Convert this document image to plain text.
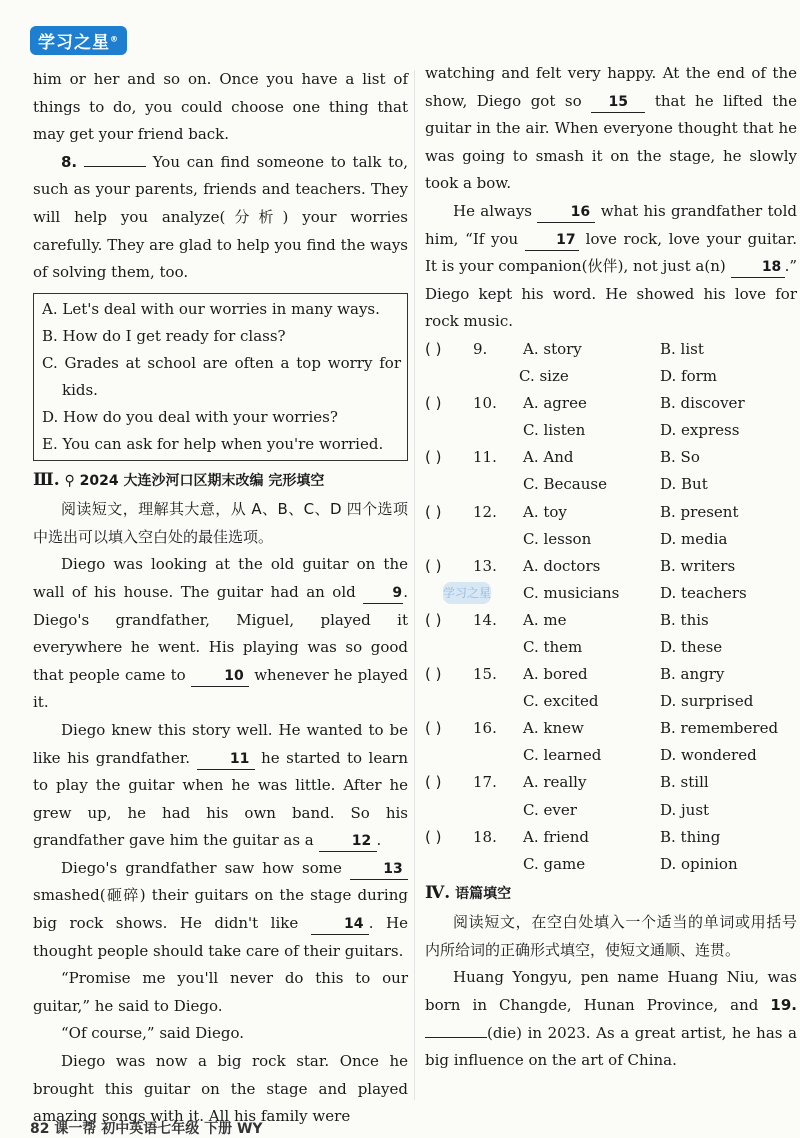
学习之星®

him or her and so on. Once you have a list of things to do, you could choose one thing that may get your friend back.

8.	You can find someone to talk to, such as your parents, friends and teachers. They will help you analyze(分析) your worries carefully. They are glad to help you find the ways of solving them, too.

A. Let's deal with our worries in many ways.
B. How do I get ready for class?
C. Grades at school are often a top worry for kids.
D. How do you deal with your worries?
E. You can ask for help when you're worried.
Ⅲ. ⚲ 2024 大连沙河口区期末改编 完形填空

阅读短文，理解其大意，从 A、B、C、D 四个选项中选出可以填入空白处的最佳选项。

Diego was looking at the old guitar on the wall of his house. The guitar had an old	9. Diego's grandfather, Miguel, played it everywhere he went. His playing was so good that people came to	10 whenever he played it.

Diego knew this story well. He wanted to be like his grandfather.	11 he started to learn to play the guitar when he was little. After he grew up, he had his own band. So his grandfather gave him the guitar as a	12 .

Diego's grandfather saw how some	13 smashed(砸碎) their guitars on the stage during big rock shows. He didn't like	14 . He thought people should take care of their guitars.

“Promise me you'll never do this to our guitar,” he said to Diego.

“Of course,” said Diego.

Diego was now a big rock star. Once he brought this guitar on the stage and played amazing songs with it. All his family were

学习之星

watching and felt very happy. At the end of the show, Diego got so 15 that he lifted the guitar in the air. When everyone thought that he was going to smash it on the stage, he slowly took a bow.

He always	16 what his grandfather told him, “If you	17 love rock, love your guitar. It is your companion(伙伴), not just a(n)	18 .” Diego kept his word. He showed his love for rock music.

( )	9.	A. story	B. list
C. size	D. form
( )	10.	A. agree	B. discover
C. listen	D. express
( )	11.	A. And	B. So
C. Because	D. But
( )	12.	A. toy	B. present
C. lesson	D. media
( )	13.	A. doctors	B. writers
C. musicians	D. teachers
( )	14.	A. me	B. this
C. them	D. these
( )	15.	A. bored	B. angry
C. excited	D. surprised
( )	16.	A. knew	B. remembered
C. learned	D. wondered
( )	17.	A. really	B. still
C. ever	D. just
( )	18.	A. friend	B. thing
C. game	D. opinion
Ⅳ. 语篇填空

阅读短文，在空白处填入一个适当的单词或用括号内所给词的正确形式填空，使短文通顺、连贯。

Huang Yongyu, pen name Huang Niu, was born in Changde, Hunan Province, and 19.(die) in 2023. As a great artist, he has a big influence on the art of China.

82 课一帮 初中英语七年级 下册 WY
